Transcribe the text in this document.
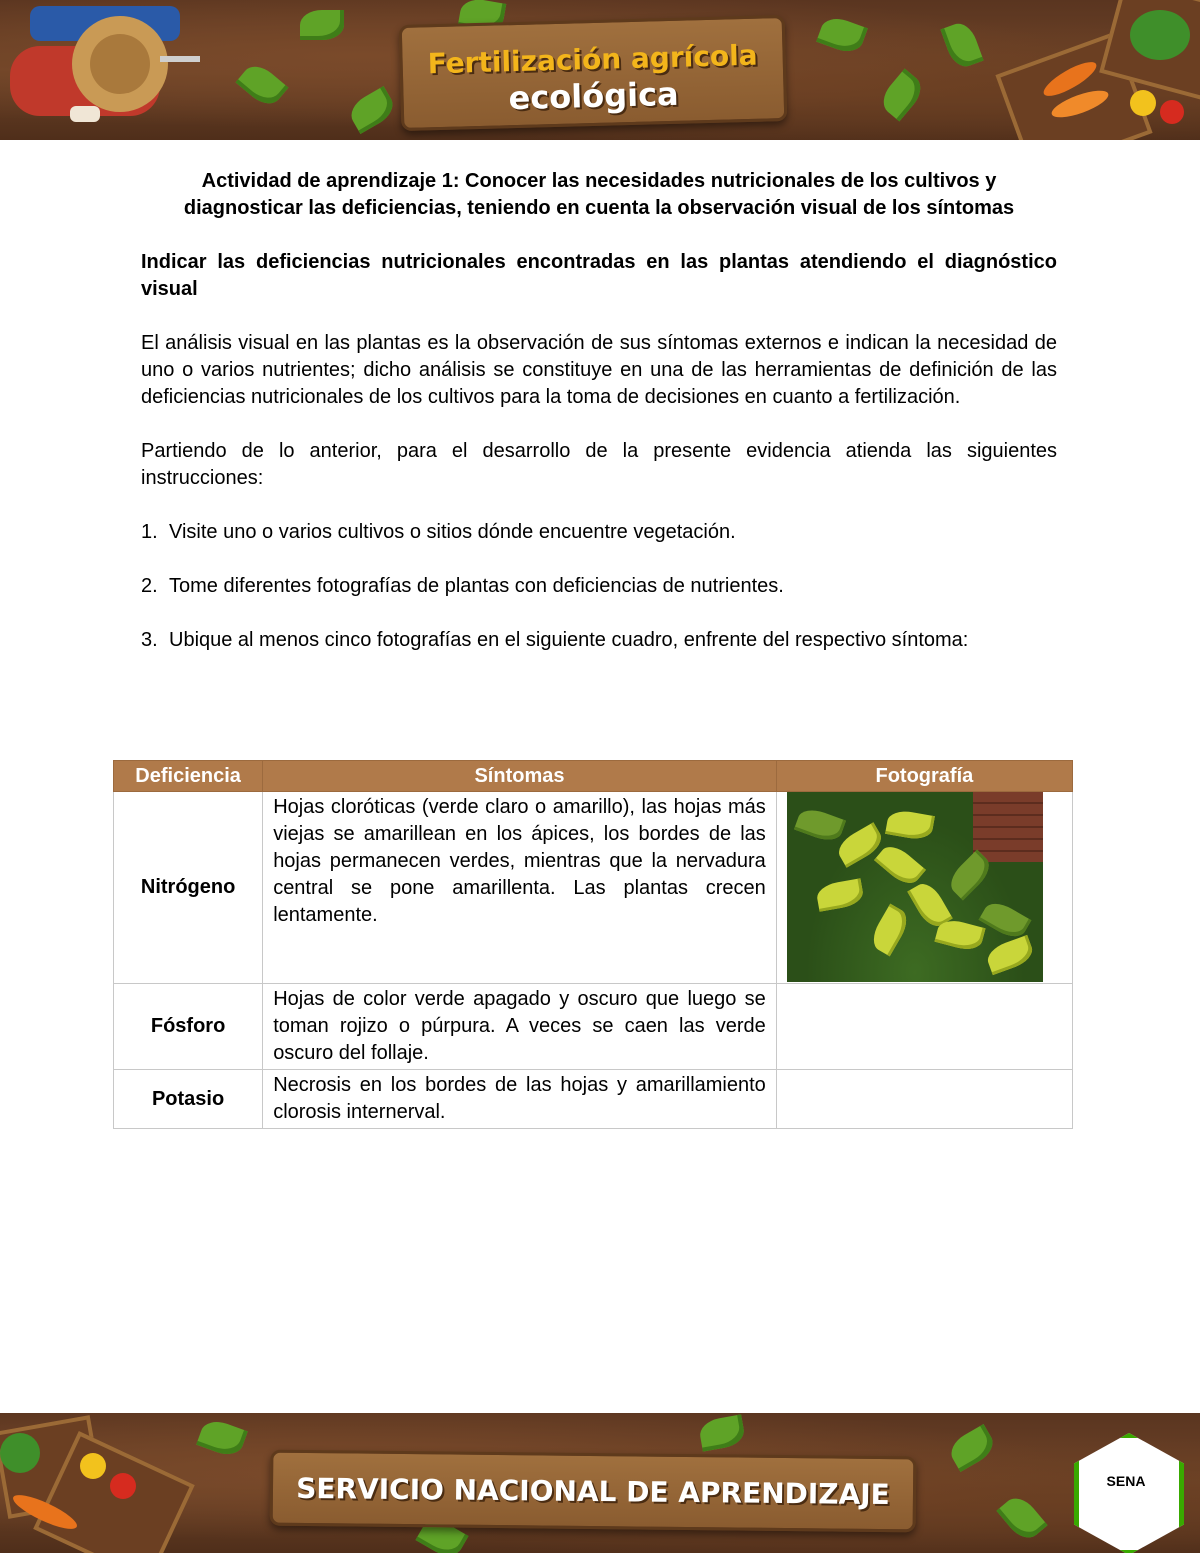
Fertilización agrícola
ecológica

Actividad de aprendizaje 1: Conocer las necesidades nutricionales de los cultivos y diagnosticar las deficiencias, teniendo en cuenta la observación visual de los síntomas

Indicar las deficiencias nutricionales encontradas en las plantas atendiendo el diagnóstico visual

El análisis visual en las plantas es la observación de sus síntomas externos e indican la necesidad de uno o varios nutrientes; dicho análisis se constituye en una de las herramientas de definición de las deficiencias nutricionales de los cultivos para la toma de decisiones en cuanto a fertilización.

Partiendo de lo anterior, para el desarrollo de la presente evidencia atienda las siguientes instrucciones:

1. Visite uno o varios cultivos o sitios dónde encuentre vegetación.
2. Tome diferentes fotografías de plantas con deficiencias de nutrientes.
3. Ubique al menos cinco fotografías en el siguiente cuadro, enfrente del respectivo síntoma:
Deficiencia	Síntomas	Fotografía
Nitrógeno	Hojas cloróticas (verde claro o amarillo), las hojas más viejas se amarillean en los ápices, los bordes de las hojas permanecen verdes, mientras que la nervadura central se pone amarillenta. Las plantas crecen lentamente.	

Fósforo	Hojas de color verde apagado y oscuro que luego se toman rojizo o púrpura. A veces se caen las verde oscuro del follaje.	
Potasio	Necrosis en los bordes de las hojas y amarillamiento clorosis internerval.	
SERVICIO NACIONAL DE APRENDIZAJE	SENA
